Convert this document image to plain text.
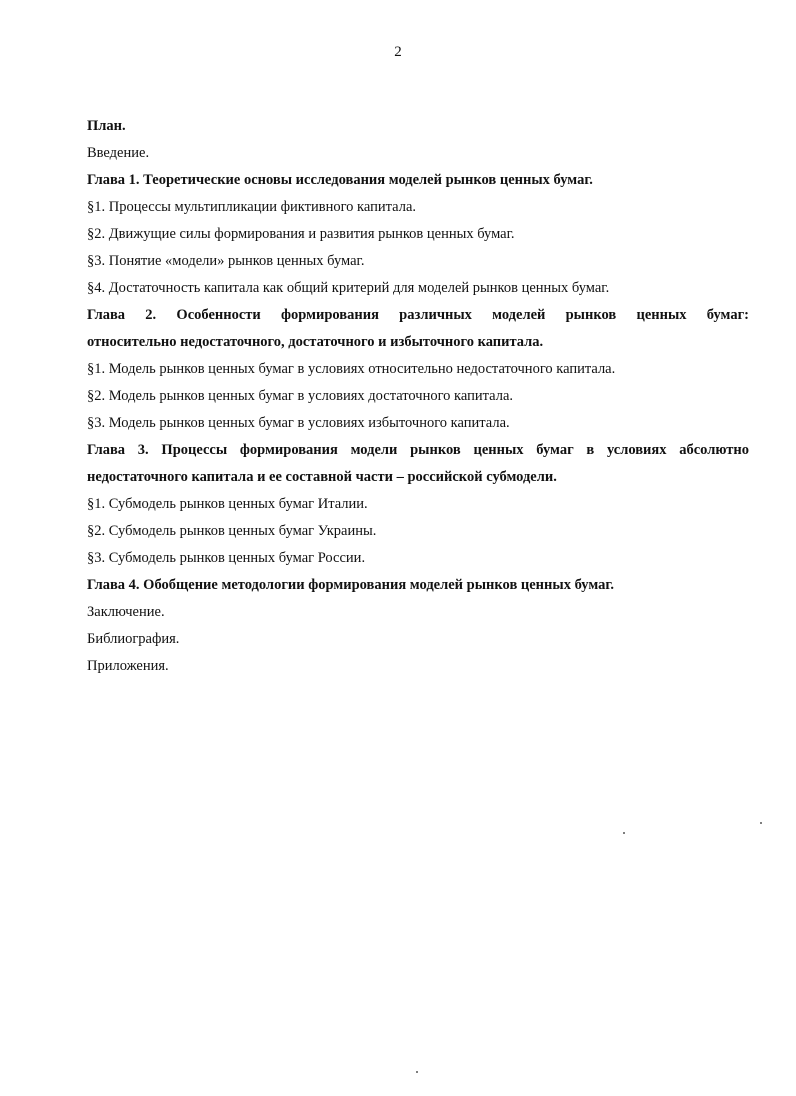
2
План.
Введение.
Глава 1. Теоретические основы исследования моделей рынков ценных бумаг.
§1. Процессы мультипликации фиктивного капитала.
§2. Движущие силы формирования и развития рынков ценных бумаг.
§3. Понятие «модели» рынков ценных бумаг.
§4. Достаточность капитала как общий критерий для моделей рынков ценных бумаг.
Глава 2. Особенности формирования различных моделей рынков ценных бумаг:
относительно недостаточного, достаточного и избыточного капитала.
§1. Модель рынков ценных бумаг в условиях относительно недостаточного капитала.
§2. Модель рынков ценных бумаг в условиях достаточного капитала.
§3. Модель рынков ценных бумаг в условиях избыточного капитала.
Глава 3. Процессы формирования модели рынков ценных бумаг в условиях абсолютно
недостаточного капитала и ее составной части – российской субмодели.
§1. Субмодель рынков ценных бумаг Италии.
§2. Субмодель рынков ценных бумаг Украины.
§3. Субмодель рынков ценных бумаг России.
Глава 4. Обобщение методологии формирования моделей рынков ценных бумаг.
Заключение.
Библиография.
Приложения.
